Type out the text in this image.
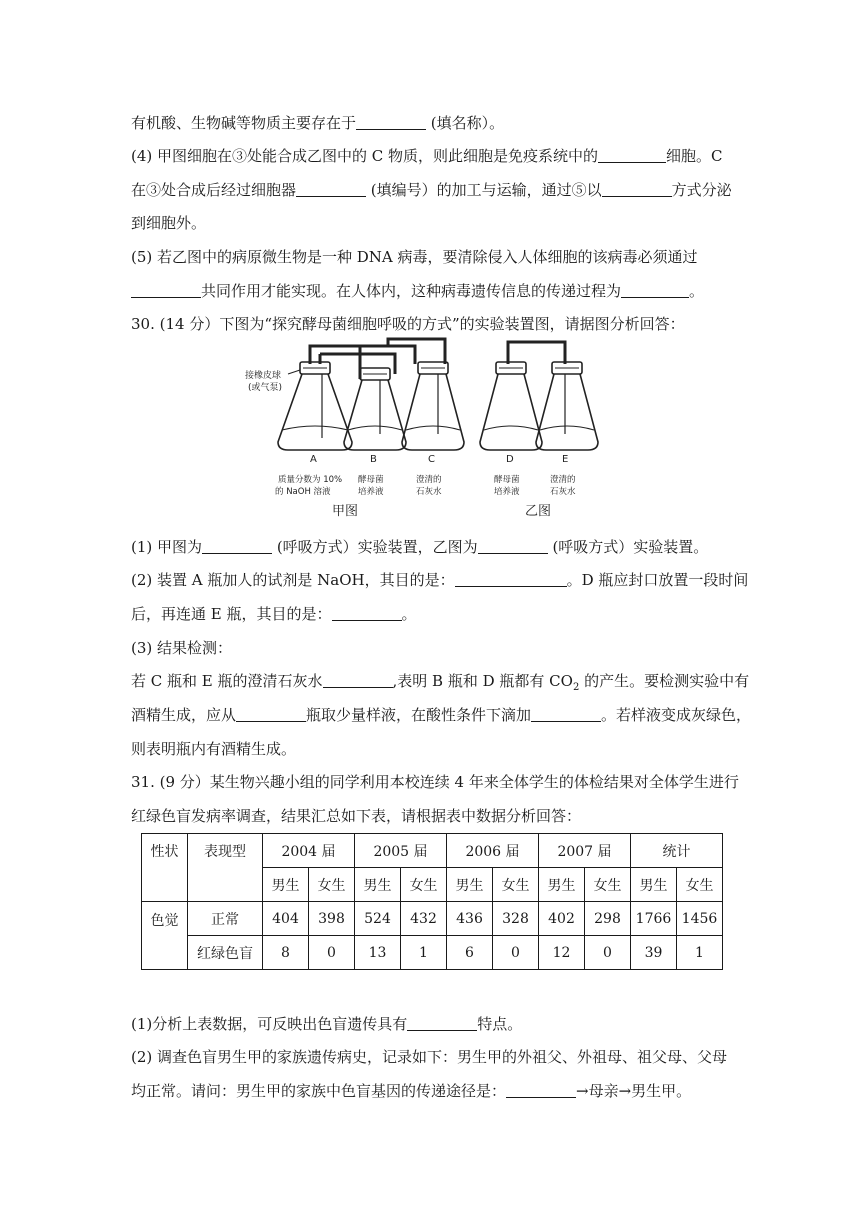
有机酸、生物碱等物质主要存在于	(填名称）。
(4) 甲图细胞在③处能合成乙图中的 C 物质，则此细胞是免疫系统中的	细胞。C
在③处合成后经过细胞器	(填编号）的加工与运输，通过⑤以	方式分泌
到细胞外。
(5) 若乙图中的病原微生物是一种 DNA 病毒，要清除侵入人体细胞的该病毒必须通过
共同作用才能实现。在人体内，这种病毒遗传信息的传递过程为	。
30. (14 分）下图为“探究酵母菌细胞呼吸的方式”的实验装置图，请据图分析回答：
接橡皮球
(或气泵)
A
质量分数为 10%
的 NaOH 溶液
B
酵母菌
培养液
C
澄清的
石灰水
D
酵母菌
培养液
E
澄清的
石灰水
甲图	乙图
(1) 甲图为	(呼吸方式）实验装置，乙图为	(呼吸方式）实验装置。
(2) 装置 A 瓶加人的试剂是 NaOH，其目的是：	。D 瓶应封口放置一段时间
后，再连通 E 瓶，其目的是：	。
(3) 结果检测：
若 C 瓶和 E 瓶的澄清石灰水	,表明 B 瓶和 D 瓶都有 $CO_2$ 的产生。要检测实验中有
酒精生成，应从	瓶取少量样液，在酸性条件下滴加	。若样液变成灰绿色，
则表明瓶内有酒精生成。
31. (9 分）某生物兴趣小组的同学利用本校连续 4 年来全体学生的体检结果对全体学生进行
红绿色盲发病率调查，结果汇总如下表，请根据表中数据分析回答：
性状	表现型	2004 届		2005 届		2006 届		2007 届		统计	
		男生	女生	男生	女生	男生	女生	男生	女生	男生	女生
色觉	正常	404	398	524	432	436	328	402	298	1766	1456
	红绿色盲	8	0	13	1	6	0	12	0	39	1
(1)分析上表数据，可反映出色盲遗传具有	特点。
(2) 调查色盲男生甲的家族遗传病史，记录如下：男生甲的外祖父、外祖母、祖父母、父母
均正常。请问：男生甲的家族中色盲基因的传递途径是：	→母亲→男生甲。
